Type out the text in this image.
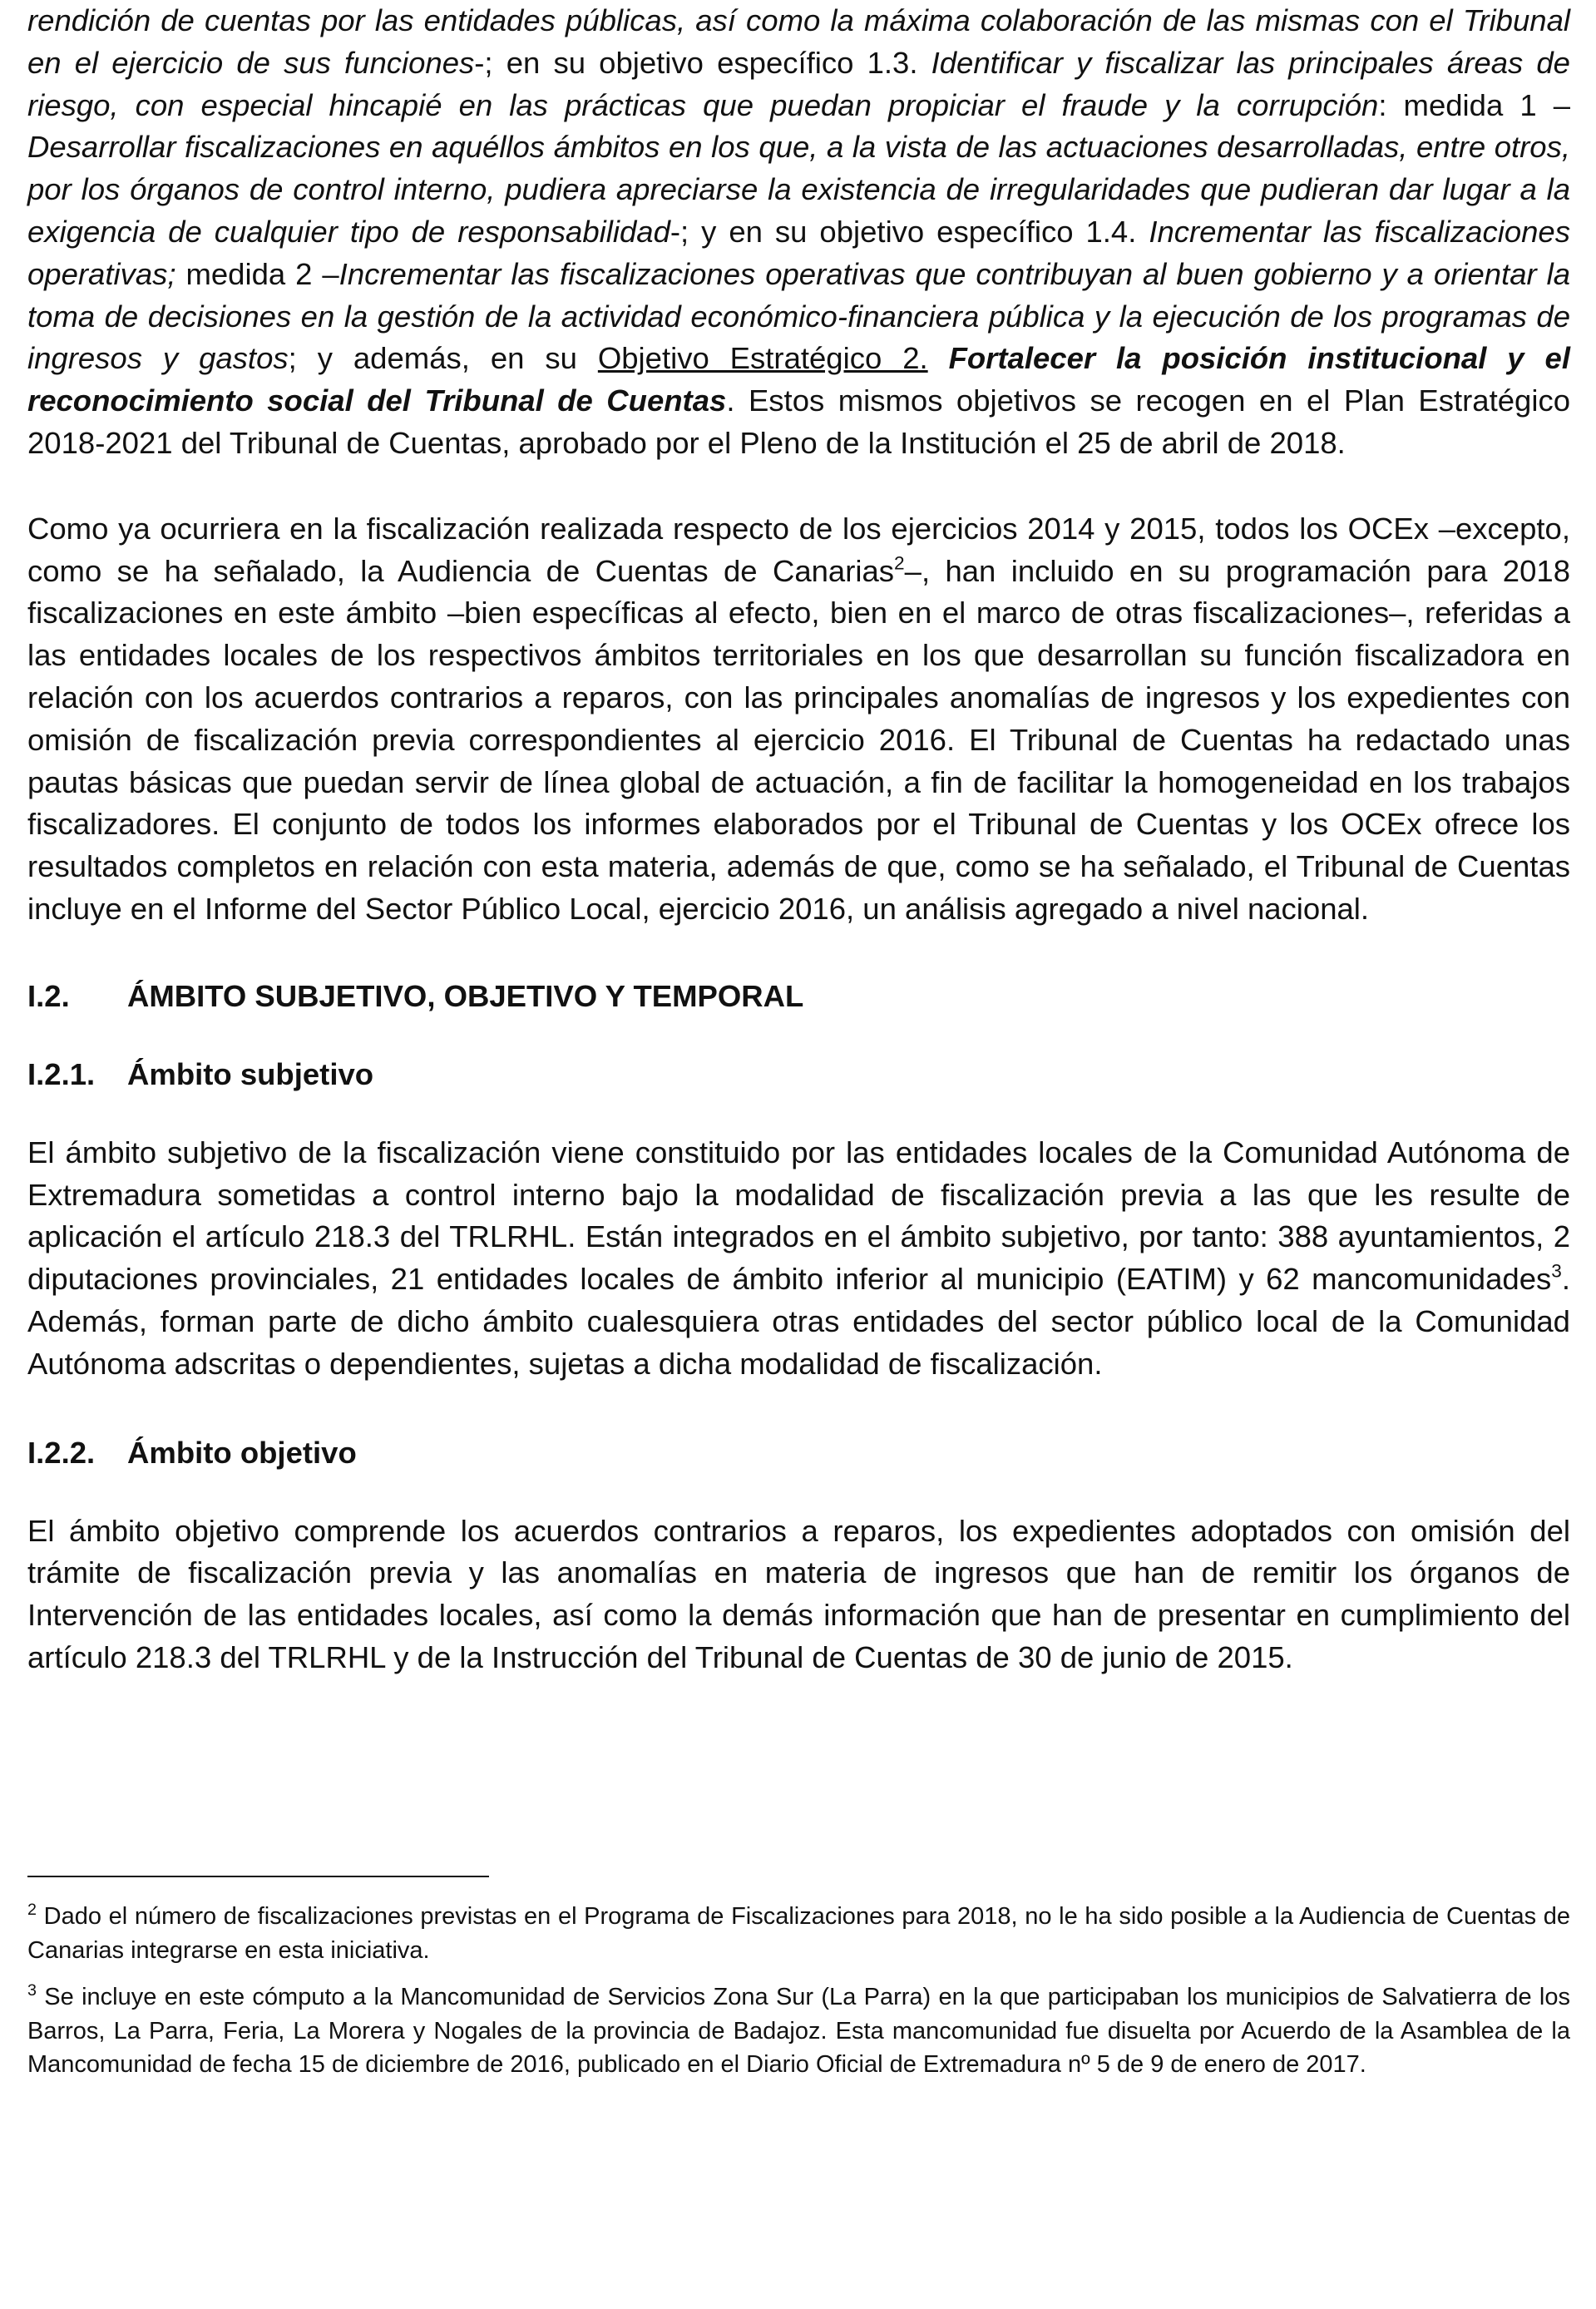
rendición de cuentas por las entidades públicas, así como la máxima colaboración de las mismas con el Tribunal en el ejercicio de sus funciones-; en su objetivo específico 1.3. Identificar y fiscalizar las principales áreas de riesgo, con especial hincapié en las prácticas que puedan propiciar el fraude y la corrupción: medida 1 –Desarrollar fiscalizaciones en aquéllos ámbitos en los que, a la vista de las actuaciones desarrolladas, entre otros, por los órganos de control interno, pudiera apreciarse la existencia de irregularidades que pudieran dar lugar a la exigencia de cualquier tipo de responsabilidad-; y en su objetivo específico 1.4. Incrementar las fiscalizaciones operativas; medida 2 –Incrementar las fiscalizaciones operativas que contribuyan al buen gobierno y a orientar la toma de decisiones en la gestión de la actividad económico-financiera pública y la ejecución de los programas de ingresos y gastos; y además, en su Objetivo Estratégico 2. Fortalecer la posición institucional y el reconocimiento social del Tribunal de Cuentas. Estos mismos objetivos se recogen en el Plan Estratégico 2018-2021 del Tribunal de Cuentas, aprobado por el Pleno de la Institución el 25 de abril de 2018.

Como ya ocurriera en la fiscalización realizada respecto de los ejercicios 2014 y 2015, todos los OCEx –excepto, como se ha señalado, la Audiencia de Cuentas de Canarias$^2$–, han incluido en su programación para 2018 fiscalizaciones en este ámbito –bien específicas al efecto, bien en el marco de otras fiscalizaciones–, referidas a las entidades locales de los respectivos ámbitos territoriales en los que desarrollan su función fiscalizadora en relación con los acuerdos contrarios a reparos, con las principales anomalías de ingresos y los expedientes con omisión de fiscalización previa correspondientes al ejercicio 2016. El Tribunal de Cuentas ha redactado unas pautas básicas que puedan servir de línea global de actuación, a fin de facilitar la homogeneidad en los trabajos fiscalizadores. El conjunto de todos los informes elaborados por el Tribunal de Cuentas y los OCEx ofrece los resultados completos en relación con esta materia, además de que, como se ha señalado, el Tribunal de Cuentas incluye en el Informe del Sector Público Local, ejercicio 2016, un análisis agregado a nivel nacional.

I.2. ÁMBITO SUBJETIVO, OBJETIVO Y TEMPORAL
I.2.1. Ámbito subjetivo

El ámbito subjetivo de la fiscalización viene constituido por las entidades locales de la Comunidad Autónoma de Extremadura sometidas a control interno bajo la modalidad de fiscalización previa a las que les resulte de aplicación el artículo 218.3 del TRLRHL. Están integrados en el ámbito subjetivo, por tanto: 388 ayuntamientos, 2 diputaciones provinciales, 21 entidades locales de ámbito inferior al municipio (EATIM) y 62 mancomunidades$^3$. Además, forman parte de dicho ámbito cualesquiera otras entidades del sector público local de la Comunidad Autónoma adscritas o dependientes, sujetas a dicha modalidad de fiscalización.

I.2.2. Ámbito objetivo

El ámbito objetivo comprende los acuerdos contrarios a reparos, los expedientes adoptados con omisión del trámite de fiscalización previa y las anomalías en materia de ingresos que han de remitir los órganos de Intervención de las entidades locales, así como la demás información que han de presentar en cumplimiento del artículo 218.3 del TRLRHL y de la Instrucción del Tribunal de Cuentas de 30 de junio de 2015.

$^2$ Dado el número de fiscalizaciones previstas en el Programa de Fiscalizaciones para 2018, no le ha sido posible a la Audiencia de Cuentas de Canarias integrarse en esta iniciativa.

$^3$ Se incluye en este cómputo a la Mancomunidad de Servicios Zona Sur (La Parra) en la que participaban los municipios de Salvatierra de los Barros, La Parra, Feria, La Morera y Nogales de la provincia de Badajoz. Esta mancomunidad fue disuelta por Acuerdo de la Asamblea de la Mancomunidad de fecha 15 de diciembre de 2016, publicado en el Diario Oficial de Extremadura nº 5 de 9 de enero de 2017.
